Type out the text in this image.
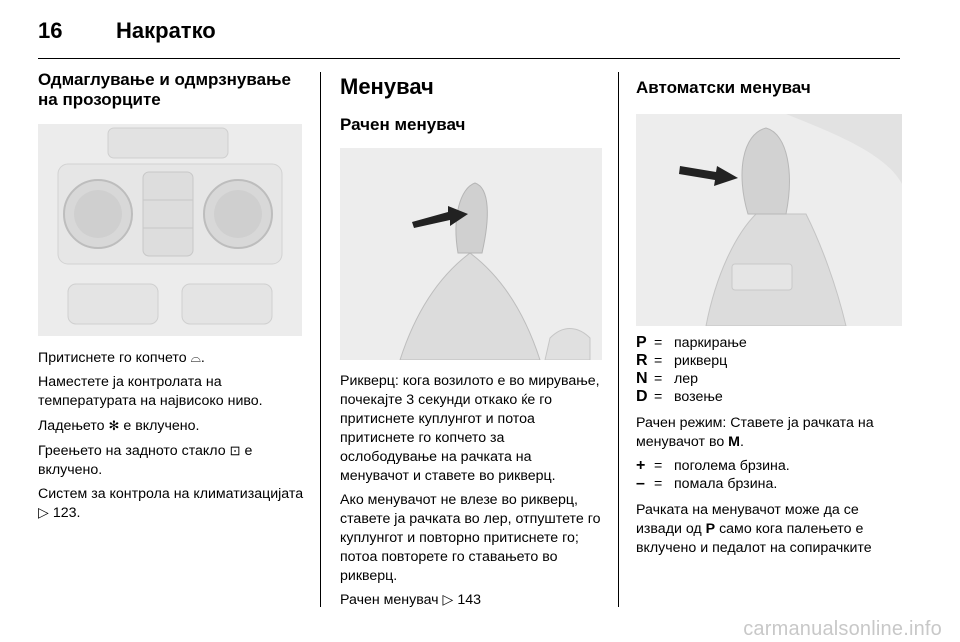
16	Накратко
Одмаглување и одмрзнување на прозорците

Притиснете го копчето ⌓.

Наместете ја контролата на температурата на највисоко ниво.

Ладењето ✻ е вклучено.

Греењето на задното стакло ⊡ е вклучено.

Систем за контрола на климатизацијата ▷ 123.

Менувач
Рачен менувач

Рикверц: кога возилото е во мирување, почекајте 3 секунди откако ќе го притиснете куплунгот и потоа притиснете го копчето за ослободување на рачката на менувачот и ставете во рикверц.

Ако менувачот не влезе во рикверц, ставете ја рачката во лер, отпуштете го куплунгот и повторно притиснете го; потоа повторете го ставањето во рикверц.

Рачен менувач ▷ 143

Автоматски менувач
P = паркирање
R = рикверц
N = лер
D = возење

Рачен режим: Ставете ја рачката на менувачот во M.

+ = поголема брзина.
– = помала брзина.

Рачката на менувачот може да се извади од P само кога палењето е вклучено и педалот на сопирачките

carmanualsonline.info
